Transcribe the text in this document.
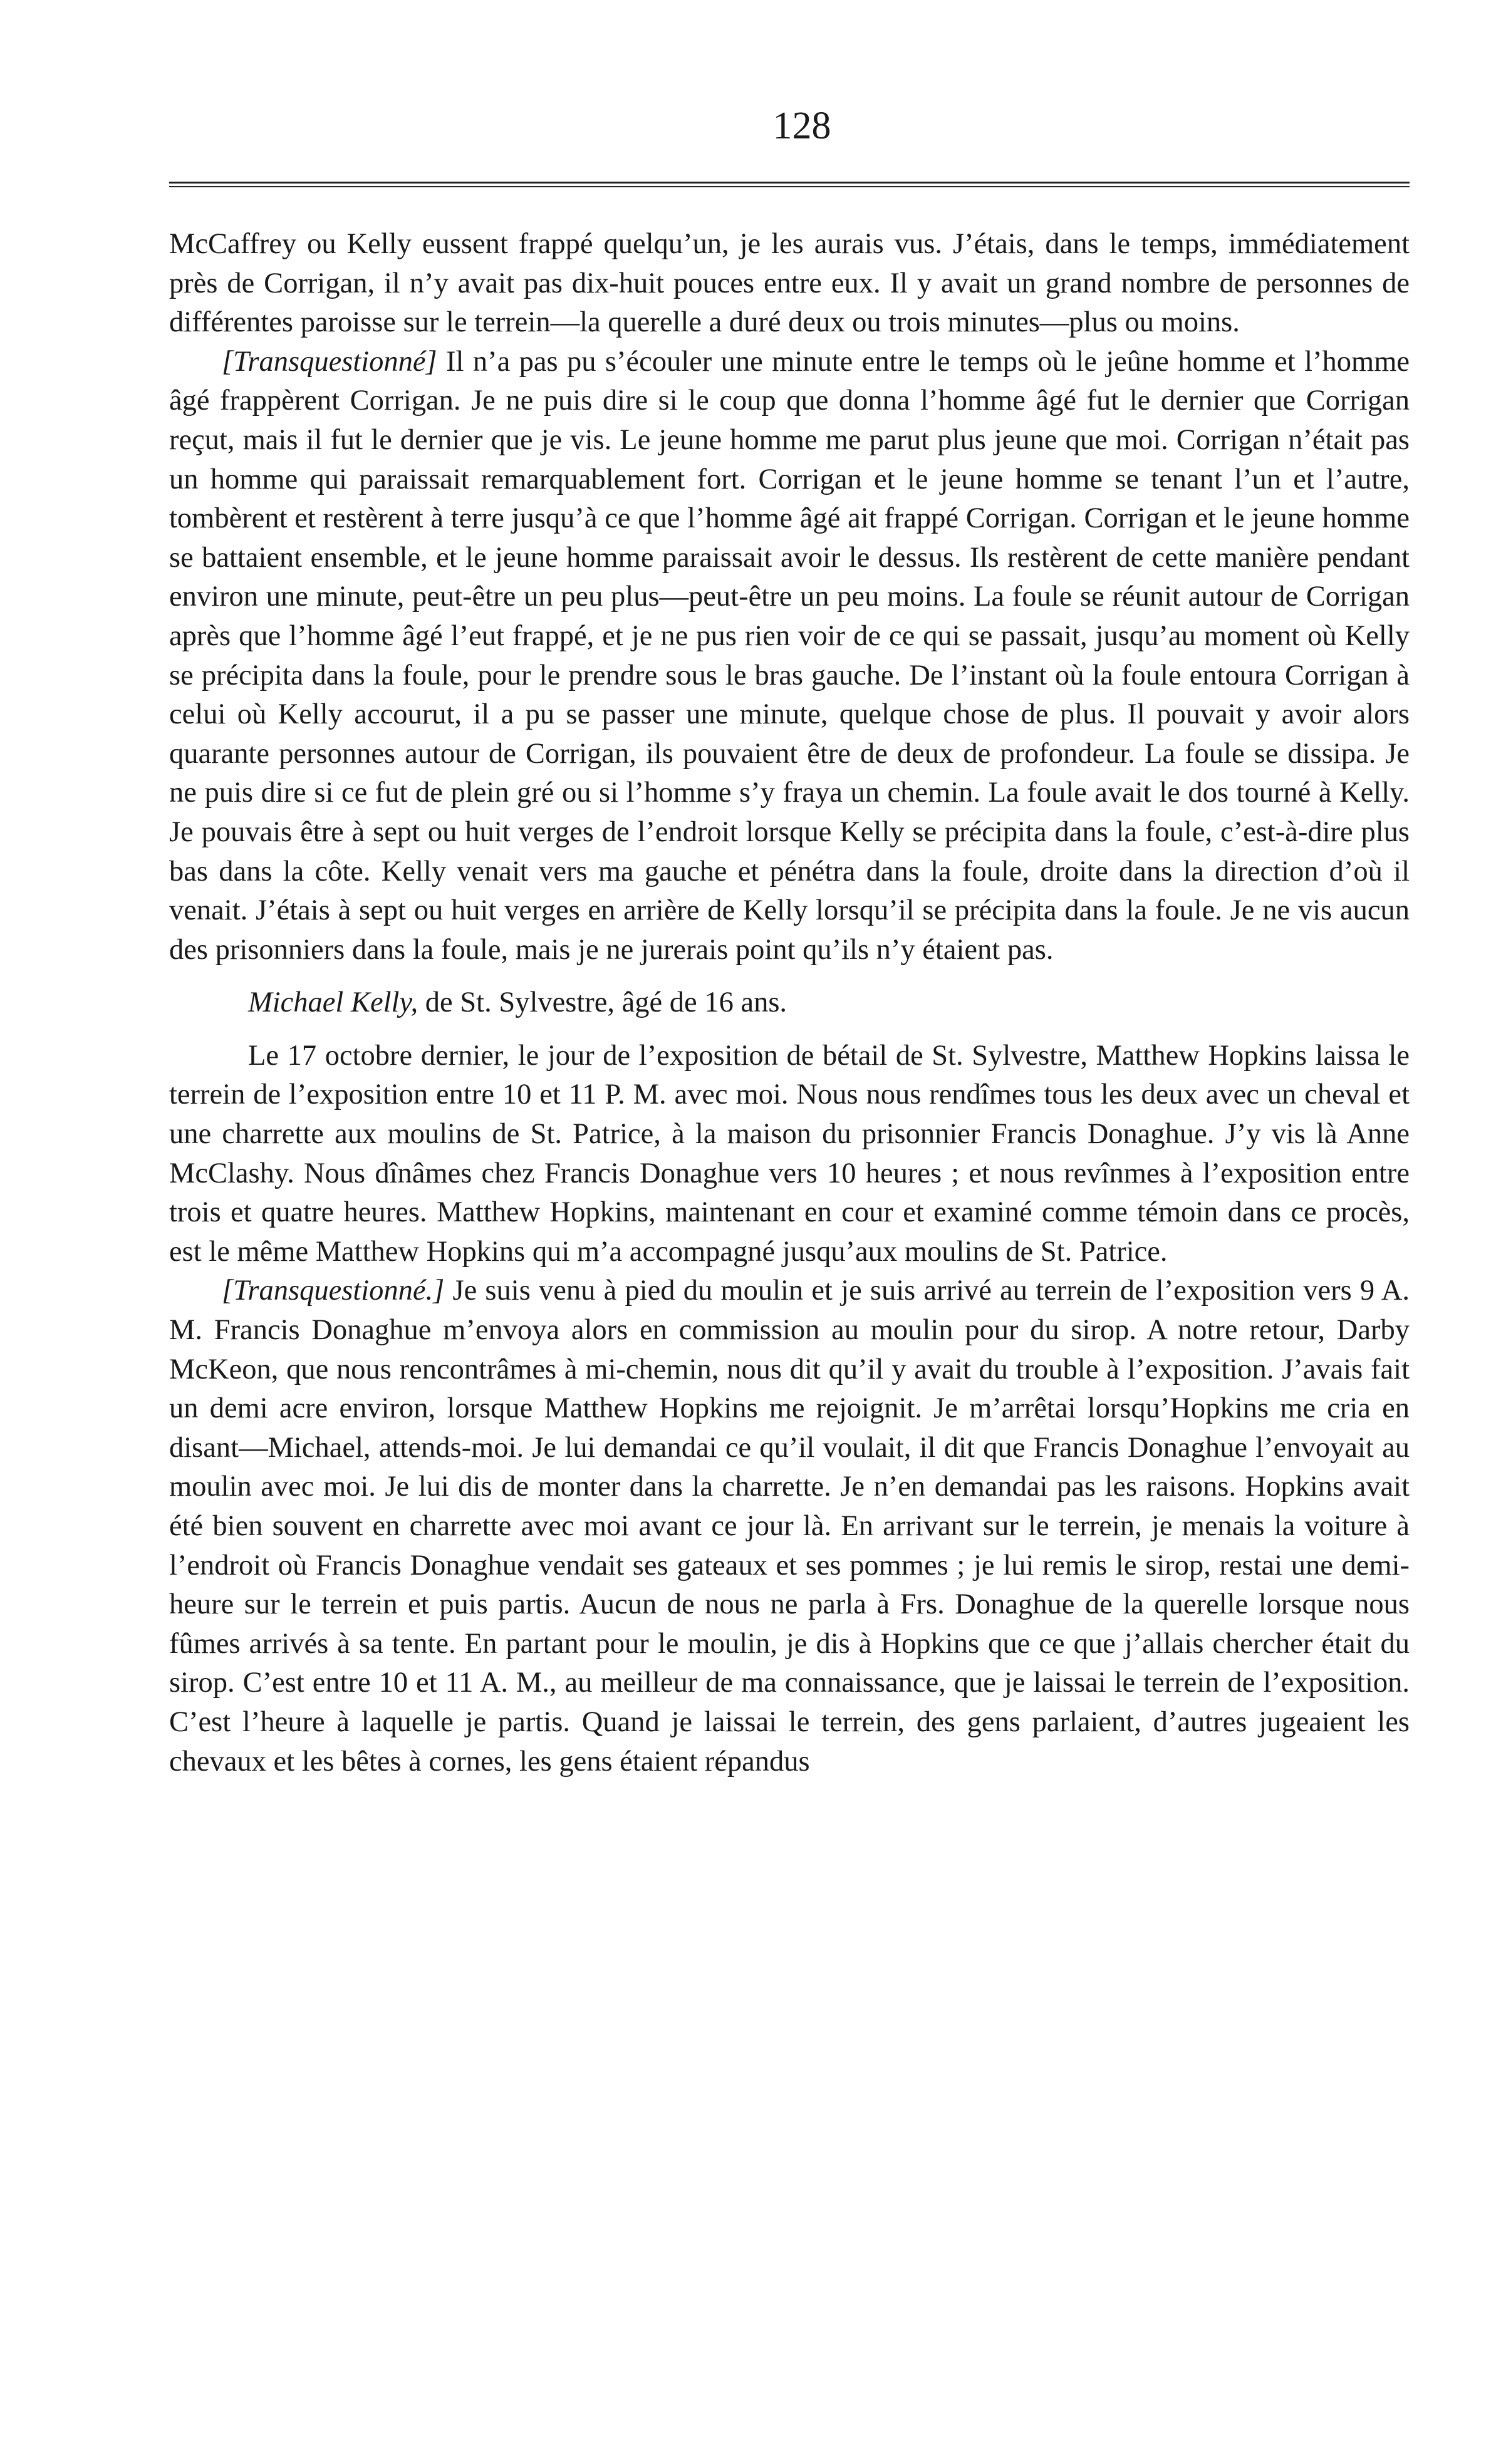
128

McCaffrey ou Kelly eussent frappé quelqu’un, je les aurais vus. J’étais, dans le temps, immédiatement près de Corrigan, il n’y avait pas dix-huit pouces entre eux. Il y avait un grand nombre de personnes de différentes paroisse sur le terrein—la querelle a duré deux ou trois minutes—plus ou moins.

[Transquestionné] Il n’a pas pu s’écouler une minute entre le temps où le jeûne homme et l’homme âgé frappèrent Corrigan. Je ne puis dire si le coup que donna l’homme âgé fut le dernier que Corrigan reçut, mais il fut le dernier que je vis. Le jeune homme me parut plus jeune que moi. Corrigan n’était pas un homme qui paraissait remarquablement fort. Corrigan et le jeune homme se tenant l’un et l’autre, tombèrent et restèrent à terre jusqu’à ce que l’homme âgé ait frappé Corrigan. Corrigan et le jeune homme se battaient ensemble, et le jeune homme paraissait avoir le dessus. Ils restèrent de cette manière pendant environ une minute, peut-être un peu plus—peut-être un peu moins. La foule se réunit autour de Corrigan après que l’homme âgé l’eut frappé, et je ne pus rien voir de ce qui se passait, jusqu’au moment où Kelly se précipita dans la foule, pour le prendre sous le bras gauche. De l’instant où la foule entoura Corrigan à celui où Kelly accourut, il a pu se passer une minute, quelque chose de plus. Il pouvait y avoir alors quarante personnes autour de Corrigan, ils pouvaient être de deux de profondeur. La foule se dissipa. Je ne puis dire si ce fut de plein gré ou si l’homme s’y fraya un chemin. La foule avait le dos tourné à Kelly. Je pouvais être à sept ou huit verges de l’endroit lorsque Kelly se précipita dans la foule, c’est-à-dire plus bas dans la côte. Kelly venait vers ma gauche et pénétra dans la foule, droite dans la direction d’où il venait. J’étais à sept ou huit verges en arrière de Kelly lorsqu’il se précipita dans la foule. Je ne vis aucun des prisonniers dans la foule, mais je ne jurerais point qu’ils n’y étaient pas.

Michael Kelly, de St. Sylvestre, âgé de 16 ans.

Le 17 octobre dernier, le jour de l’exposition de bétail de St. Sylvestre, Matthew Hopkins laissa le terrein de l’exposition entre 10 et 11 P. M. avec moi. Nous nous rendîmes tous les deux avec un cheval et une charrette aux moulins de St. Patrice, à la maison du prisonnier Francis Donaghue. J’y vis là Anne McClashy. Nous dînâmes chez Francis Donaghue vers 10 heures ; et nous revînmes à l’exposition entre trois et quatre heures. Matthew Hopkins, maintenant en cour et examiné comme témoin dans ce procès, est le même Matthew Hopkins qui m’a accompagné jusqu’aux moulins de St. Patrice.

[Transquestionné.] Je suis venu à pied du moulin et je suis arrivé au terrein de l’exposition vers 9 A. M. Francis Donaghue m’envoya alors en commission au moulin pour du sirop. A notre retour, Darby McKeon, que nous rencontrâmes à mi-chemin, nous dit qu’il y avait du trouble à l’exposition. J’avais fait un demi acre environ, lorsque Matthew Hopkins me rejoignit. Je m’arrêtai lorsqu’Hopkins me cria en disant—Michael, attends-moi. Je lui demandai ce qu’il voulait, il dit que Francis Donaghue l’envoyait au moulin avec moi. Je lui dis de monter dans la charrette. Je n’en demandai pas les raisons. Hopkins avait été bien souvent en charrette avec moi avant ce jour là. En arrivant sur le terrein, je menais la voiture à l’endroit où Francis Donaghue vendait ses gateaux et ses pommes ; je lui remis le sirop, restai une demi-heure sur le terrein et puis partis. Aucun de nous ne parla à Frs. Donaghue de la querelle lorsque nous fûmes arrivés à sa tente. En partant pour le moulin, je dis à Hopkins que ce que j’allais chercher était du sirop. C’est entre 10 et 11 A. M., au meilleur de ma connaissance, que je laissai le terrein de l’exposition. C’est l’heure à laquelle je partis. Quand je laissai le terrein, des gens parlaient, d’autres jugeaient les chevaux et les bêtes à cornes, les gens étaient répandus
